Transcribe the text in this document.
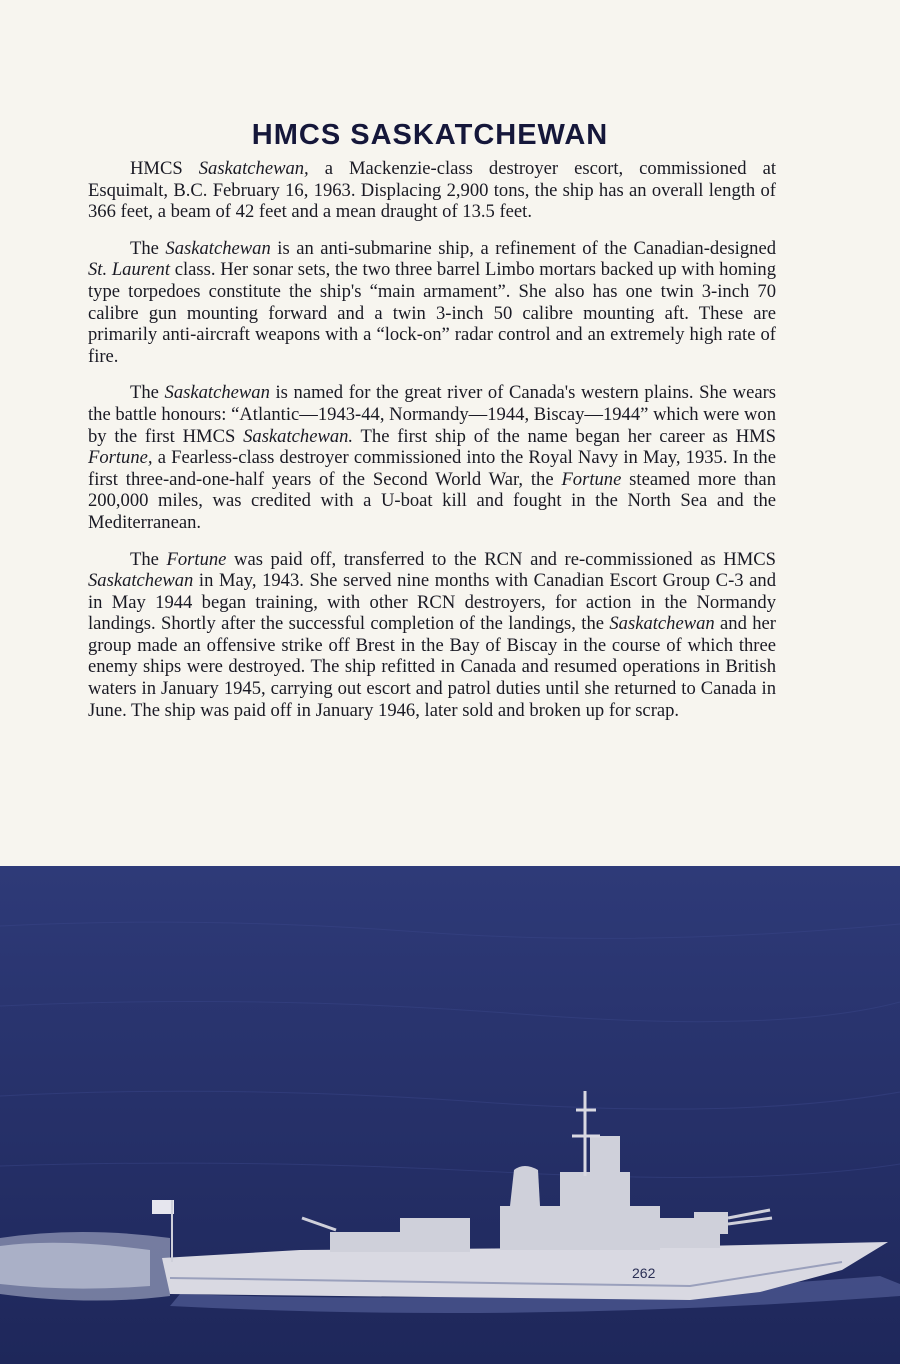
HMCS SASKATCHEWAN

HMCS Saskatchewan, a Mackenzie-class destroyer escort, commissioned at Esquimalt, B.C. February 16, 1963. Displacing 2,900 tons, the ship has an overall length of 366 feet, a beam of 42 feet and a mean draught of 13.5 feet.

The Saskatchewan is an anti-submarine ship, a refinement of the Canadian-designed St. Laurent class. Her sonar sets, the two three barrel Limbo mortars backed up with homing type torpedoes constitute the ship's “main armament”. She also has one twin 3-inch 70 calibre gun mounting forward and a twin 3-inch 50 calibre mounting aft. These are primarily anti-aircraft weapons with a “lock-on” radar control and an extremely high rate of fire.

The Saskatchewan is named for the great river of Canada's western plains. She wears the battle honours: “Atlantic—1943-44, Normandy—1944, Biscay—1944” which were won by the first HMCS Saskatchewan. The first ship of the name began her career as HMS Fortune, a Fearless-class destroyer commissioned into the Royal Navy in May, 1935. In the first three-and-one-half years of the Second World War, the Fortune steamed more than 200,000 miles, was credited with a U-boat kill and fought in the North Sea and the Mediterranean.

The Fortune was paid off, transferred to the RCN and re-commissioned as HMCS Saskatchewan in May, 1943. She served nine months with Canadian Escort Group C-3 and in May 1944 began training, with other RCN destroyers, for action in the Normandy landings. Shortly after the successful completion of the landings, the Saskatchewan and her group made an offensive strike off Brest in the Bay of Biscay in the course of which three enemy ships were destroyed. The ship refitted in Canada and resumed operations in British waters in January 1945, carrying out escort and patrol duties until she returned to Canada in June. The ship was paid off in January 1946, later sold and broken up for scrap.

262
